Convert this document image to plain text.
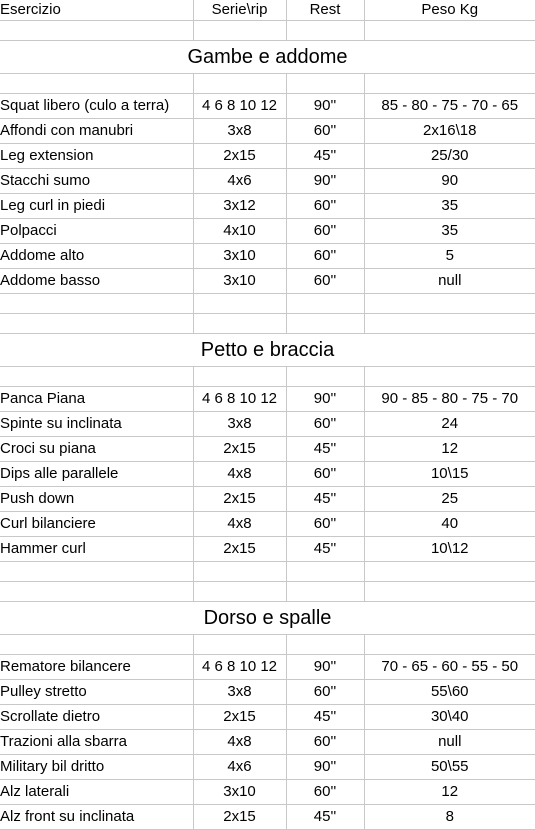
Esercizio	Serie\rip	Rest	Peso Kg

Gambe e addome			

Squat libero (culo a terra)	4 6 8 10 12	90''	85 - 80 - 75 - 70 - 65
Affondi con manubri	3x8	60''	2x16\18
Leg extension	2x15	45''	25/30
Stacchi sumo	4x6	90''	90
Leg curl in piedi	3x12	60''	35
Polpacci	4x10	60''	35
Addome alto	3x10	60''	5
Addome basso	3x10	60''	null

Petto e braccia			

Panca Piana	4 6 8 10 12	90''	90 - 85 - 80 - 75 - 70
Spinte su inclinata	3x8	60''	24
Croci su piana	2x15	45''	12
Dips alle parallele	4x8	60''	10\15
Push down	2x15	45''	25
Curl bilanciere	4x8	60''	40
Hammer curl	2x15	45''	10\12

Dorso e spalle			

Rematore bilancere	4 6 8 10 12	90''	70 - 65 - 60 - 55 - 50
Pulley stretto	3x8	60''	55\60
Scrollate dietro	2x15	45''	30\40
Trazioni alla sbarra	4x8	60''	null
Military bil dritto	4x6	90''	50\55
Alz laterali	3x10	60''	12
Alz front su inclinata	2x15	45''	8
